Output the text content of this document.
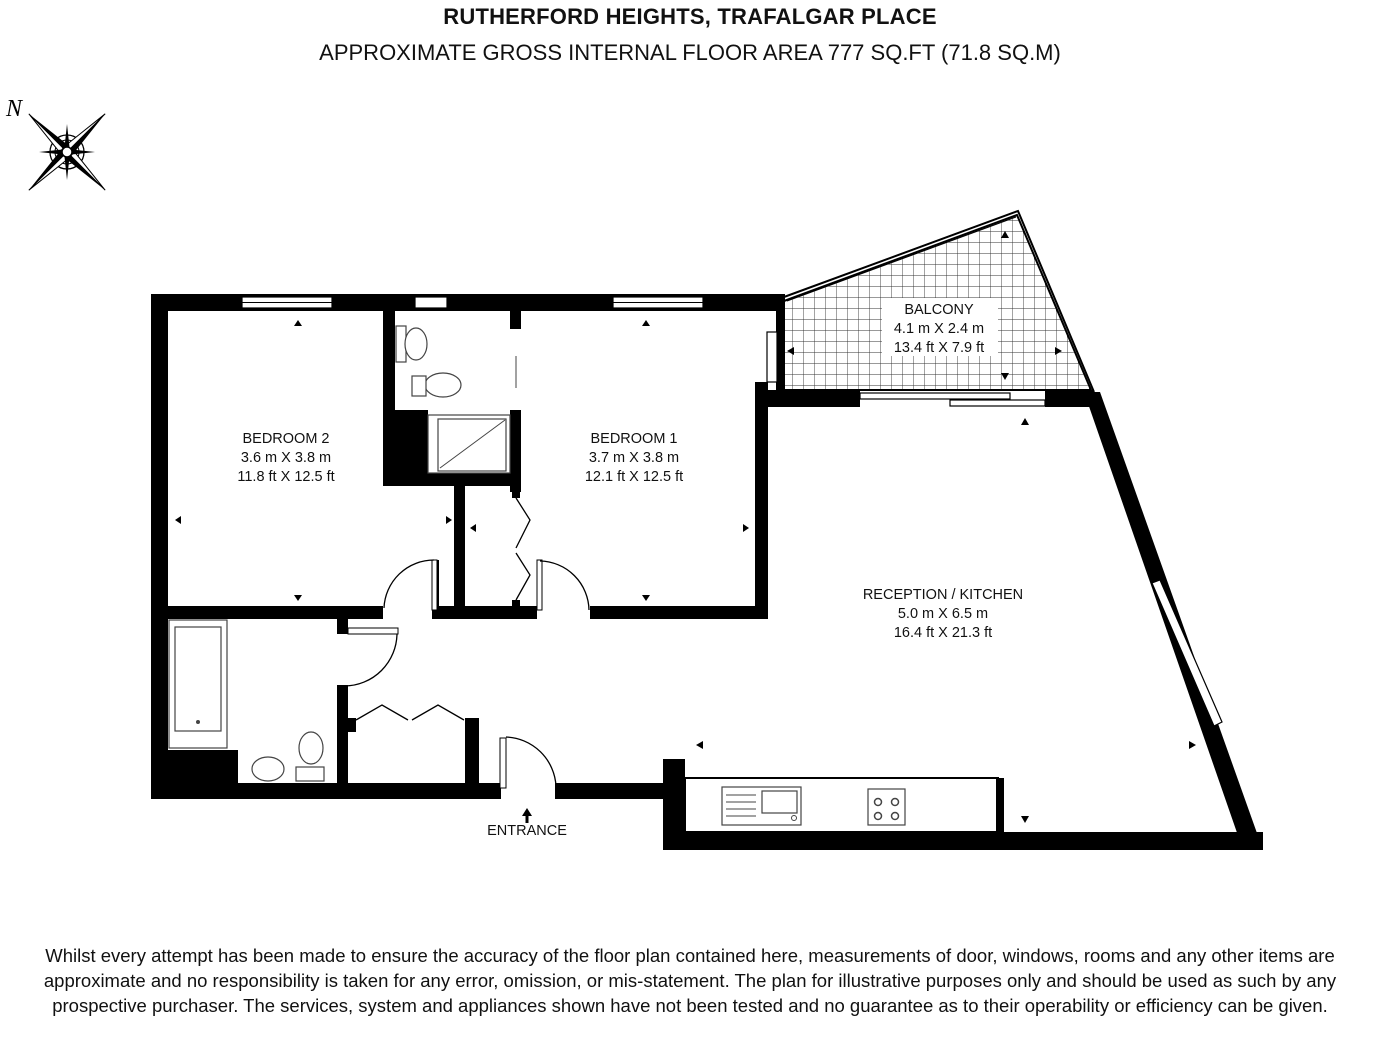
RUTHERFORD HEIGHTS, TRAFALGAR PLACE
APPROXIMATE GROSS INTERNAL FLOOR AREA 777 SQ.FT (71.8 SQ.M)
N
BEDROOM 2
3.6 m X 3.8 m
11.8 ft X 12.5 ft
BEDROOM 1
3.7 m X 3.8 m
12.1 ft X 12.5 ft
BALCONY
4.1 m X 2.4 m
13.4 ft X 7.9 ft
RECEPTION / KITCHEN
5.0 m X 6.5 m
16.4 ft X 21.3 ft
ENTRANCE
Whilst every attempt has been made to ensure the accuracy of the floor plan contained here, measurements of door, windows, rooms and any other items are approximate and no responsibility is taken for any error, omission, or mis-statement. The plan for illustrative purposes only and should be used as such by any prospective purchaser. The services, system and appliances shown have not been tested and no guarantee as to their operability or efficiency can be given.
